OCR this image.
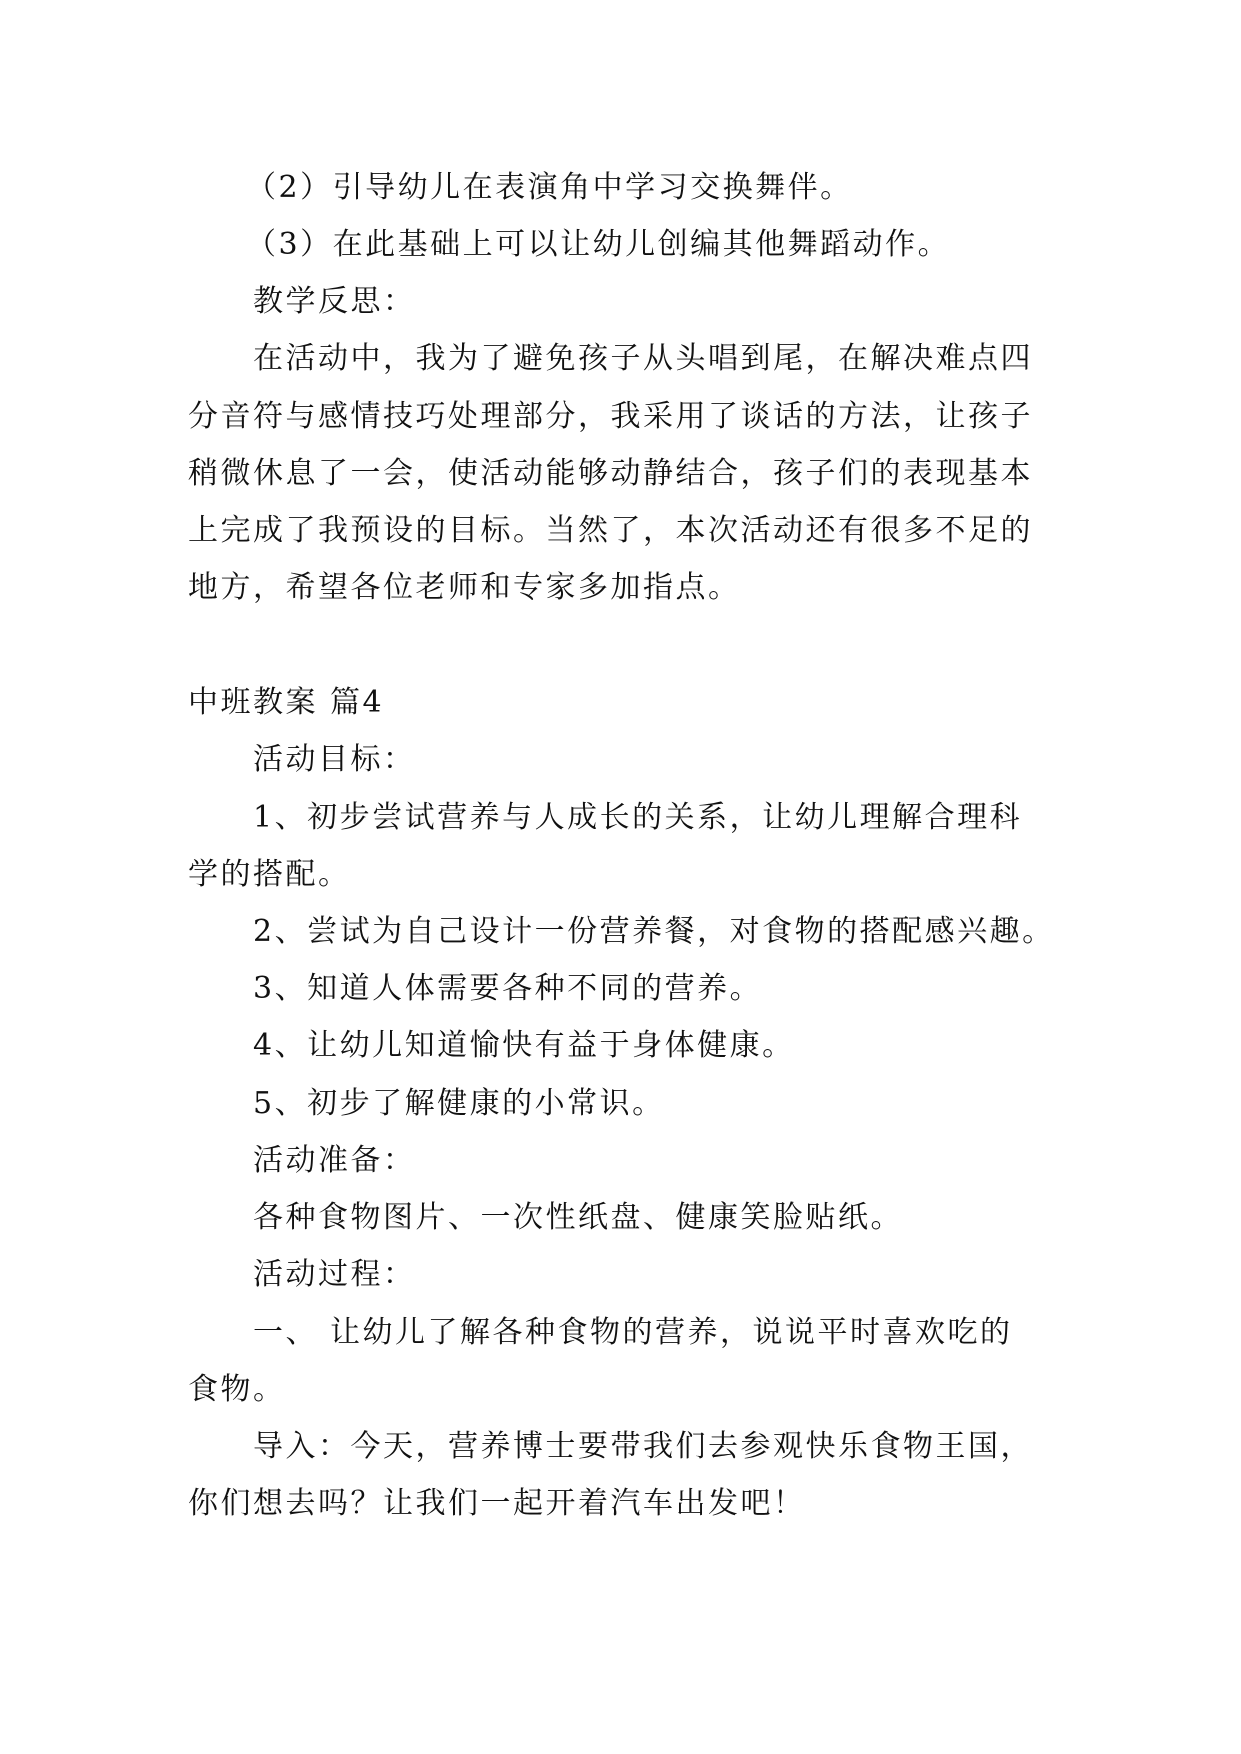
（2）引导幼儿在表演角中学习交换舞伴。
（3）在此基础上可以让幼儿创编其他舞蹈动作。
教学反思：
在活动中，我为了避免孩子从头唱到尾，在解决难点四
分音符与感情技巧处理部分，我采用了谈话的方法，让孩子
稍微休息了一会，使活动能够动静结合，孩子们的表现基本
上完成了我预设的目标。当然了，本次活动还有很多不足的
地方，希望各位老师和专家多加指点。
中班教案 篇4
活动目标：
1、初步尝试营养与人成长的关系，让幼儿理解合理科
学的搭配。
2、尝试为自己设计一份营养餐，对食物的搭配感兴趣。
3、知道人体需要各种不同的营养。
4、让幼儿知道愉快有益于身体健康。
5、初步了解健康的小常识。
活动准备：
各种食物图片、一次性纸盘、健康笑脸贴纸。
活动过程：
一、 让幼儿了解各种食物的营养，说说平时喜欢吃的
食物。
导入：今天，营养博士要带我们去参观快乐食物王国，
你们想去吗？让我们一起开着汽车出发吧！
